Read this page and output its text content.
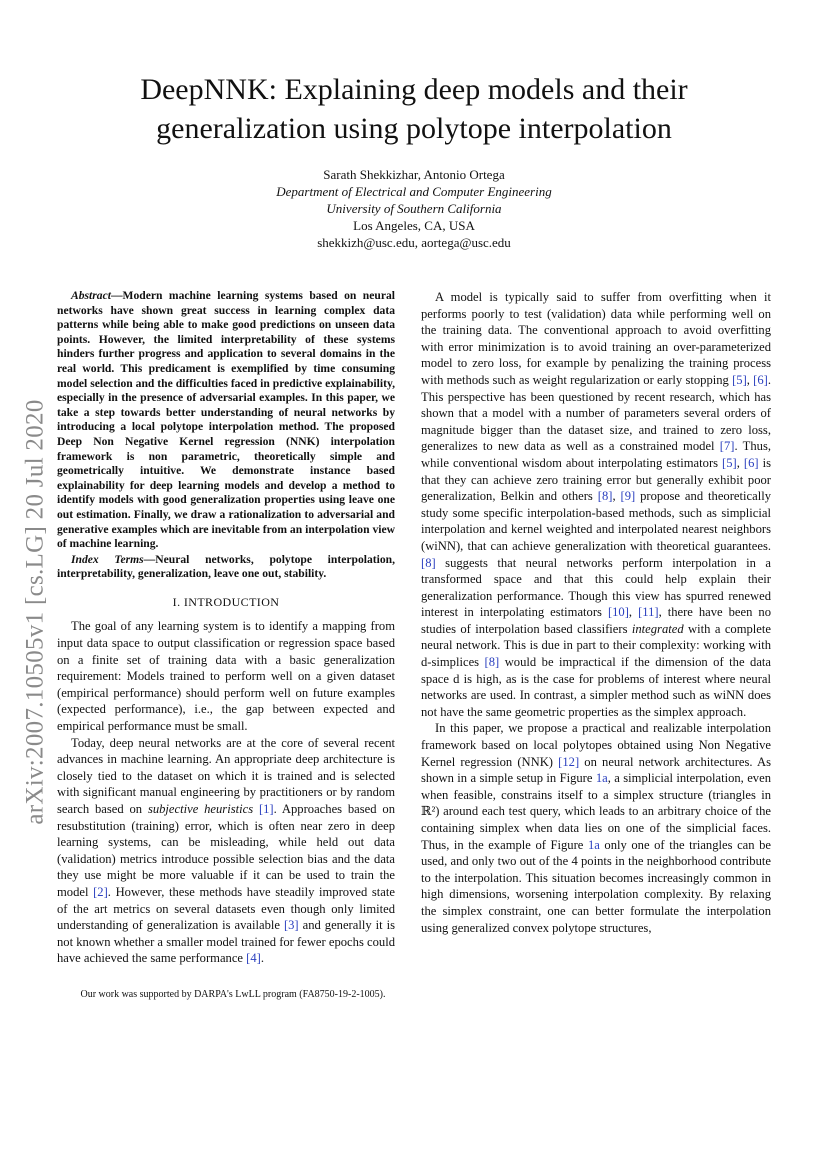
arXiv:2007.10505v1 [cs.LG] 20 Jul 2020
DeepNNK: Explaining deep models and their
generalization using polytope interpolation
Sarath Shekkizhar, Antonio Ortega
Department of Electrical and Computer Engineering
University of Southern California
Los Angeles, CA, USA
shekkizh@usc.edu, aortega@usc.edu

Abstract—Modern machine learning systems based on neural networks have shown great success in learning complex data patterns while being able to make good predictions on unseen data points. However, the limited interpretability of these systems hinders further progress and application to several domains in the real world. This predicament is exemplified by time consuming model selection and the difficulties faced in predictive explainability, especially in the presence of adversarial examples. In this paper, we take a step towards better understanding of neural networks by introducing a local polytope interpolation method. The proposed Deep Non Negative Kernel regression (NNK) interpolation framework is non parametric, theoretically simple and geometrically intuitive. We demonstrate instance based explainability for deep learning models and develop a method to identify models with good generalization properties using leave one out estimation. Finally, we draw a rationalization to adversarial and generative examples which are inevitable from an interpolation view of machine learning.

Index Terms—Neural networks, polytope interpolation, interpretability, generalization, leave one out, stability.

I. INTRODUCTION

The goal of any learning system is to identify a mapping from input data space to output classification or regression space based on a finite set of training data with a basic generalization requirement: Models trained to perform well on a given dataset (empirical performance) should perform well on future examples (expected performance), i.e., the gap between expected and empirical performance must be small.

Today, deep neural networks are at the core of several recent advances in machine learning. An appropriate deep architecture is closely tied to the dataset on which it is trained and is selected with significant manual engineering by practitioners or by random search based on subjective heuristics [1]. Approaches based on resubstitution (training) error, which is often near zero in deep learning systems, can be misleading, while held out data (validation) metrics introduce possible selection bias and the data they use might be more valuable if it can be used to train the model [2]. However, these methods have steadily improved state of the art metrics on several datasets even though only limited understanding of generalization is available [3] and generally it is not known whether a smaller model trained for fewer epochs could have achieved the same performance [4].

Our work was supported by DARPA's LwLL program (FA8750-19-2-1005).

A model is typically said to suffer from overfitting when it performs poorly to test (validation) data while performing well on the training data. The conventional approach to avoid overfitting with error minimization is to avoid training an over-parameterized model to zero loss, for example by penalizing the training process with methods such as weight regularization or early stopping [5], [6]. This perspective has been questioned by recent research, which has shown that a model with a number of parameters several orders of magnitude bigger than the dataset size, and trained to zero loss, generalizes to new data as well as a constrained model [7]. Thus, while conventional wisdom about interpolating estimators [5], [6] is that they can achieve zero training error but generally exhibit poor generalization, Belkin and others [8], [9] propose and theoretically study some specific interpolation-based methods, such as simplicial interpolation and kernel weighted and interpolated nearest neighbors (wiNN), that can achieve generalization with theoretical guarantees. [8] suggests that neural networks perform interpolation in a transformed space and that this could help explain their generalization performance. Though this view has spurred renewed interest in interpolating estimators [10], [11], there have been no studies of interpolation based classifiers integrated with a complete neural network. This is due in part to their complexity: working with d-simplices [8] would be impractical if the dimension of the data space d is high, as is the case for problems of interest where neural networks are used. In contrast, a simpler method such as wiNN does not have the same geometric properties as the simplex approach.

In this paper, we propose a practical and realizable interpolation framework based on local polytopes obtained using Non Negative Kernel regression (NNK) [12] on neural network architectures. As shown in a simple setup in Figure 1a, a simplicial interpolation, even when feasible, constrains itself to a simplex structure (triangles in ℝ²) around each test query, which leads to an arbitrary choice of the containing simplex when data lies on one of the simplicial faces. Thus, in the example of Figure 1a only one of the triangles can be used, and only two out of the 4 points in the neighborhood contribute to the interpolation. This situation becomes increasingly common in high dimensions, worsening interpolation complexity. By relaxing the simplex constraint, one can better formulate the interpolation using generalized convex polytope structures,
